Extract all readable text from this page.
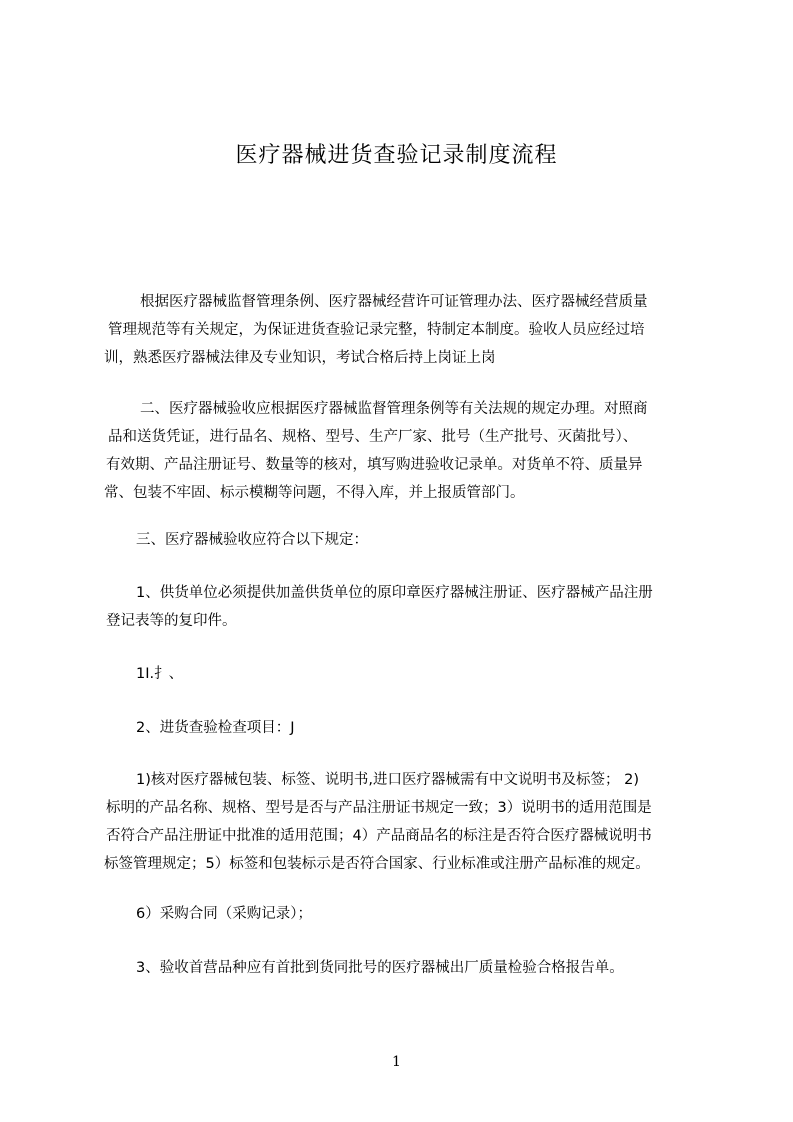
医疗器械进货查验记录制度流程
根据医疗器械监督管理条例、医疗器械经营许可证管理办法、医疗器械经营质量
管理规范等有关规定，为保证进货查验记录完整，特制定本制度。验收人员应经过培
训，熟悉医疗器械法律及专业知识，考试合格后持上岗证上岗
二、医疗器械验收应根据医疗器械监督管理条例等有关法规的规定办理。对照商
品和送货凭证，进行品名、规格、型号、生产厂家、批号（生产批号、灭菌批号）、
有效期、产品注册证号、数量等的核对，填写购进验收记录单。对货单不符、质量异
常、包装不牢固、标示模糊等问题，不得入库，并上报质管部门。
三、医疗器械验收应符合以下规定：
1、供货单位必须提供加盖供货单位的原印章医疗器械注册证、医疗器械产品注册
登记表等的复印件。
1I.扌、
2、进货查验检查项目：J
1)核对医疗器械包装、标签、说明书,进口医疗器械需有中文说明书及标签； 2)
标明的产品名称、规格、型号是否与产品注册证书规定一致；3）说明书的适用范围是
否符合产品注册证中批准的适用范围；4）产品商品名的标注是否符合医疗器械说明书
标签管理规定；5）标签和包装标示是否符合国家、行业标准或注册产品标准的规定。
6）采购合同（采购记录）；
3、验收首营品种应有首批到货同批号的医疗器械出厂质量检验合格报告单。
1
